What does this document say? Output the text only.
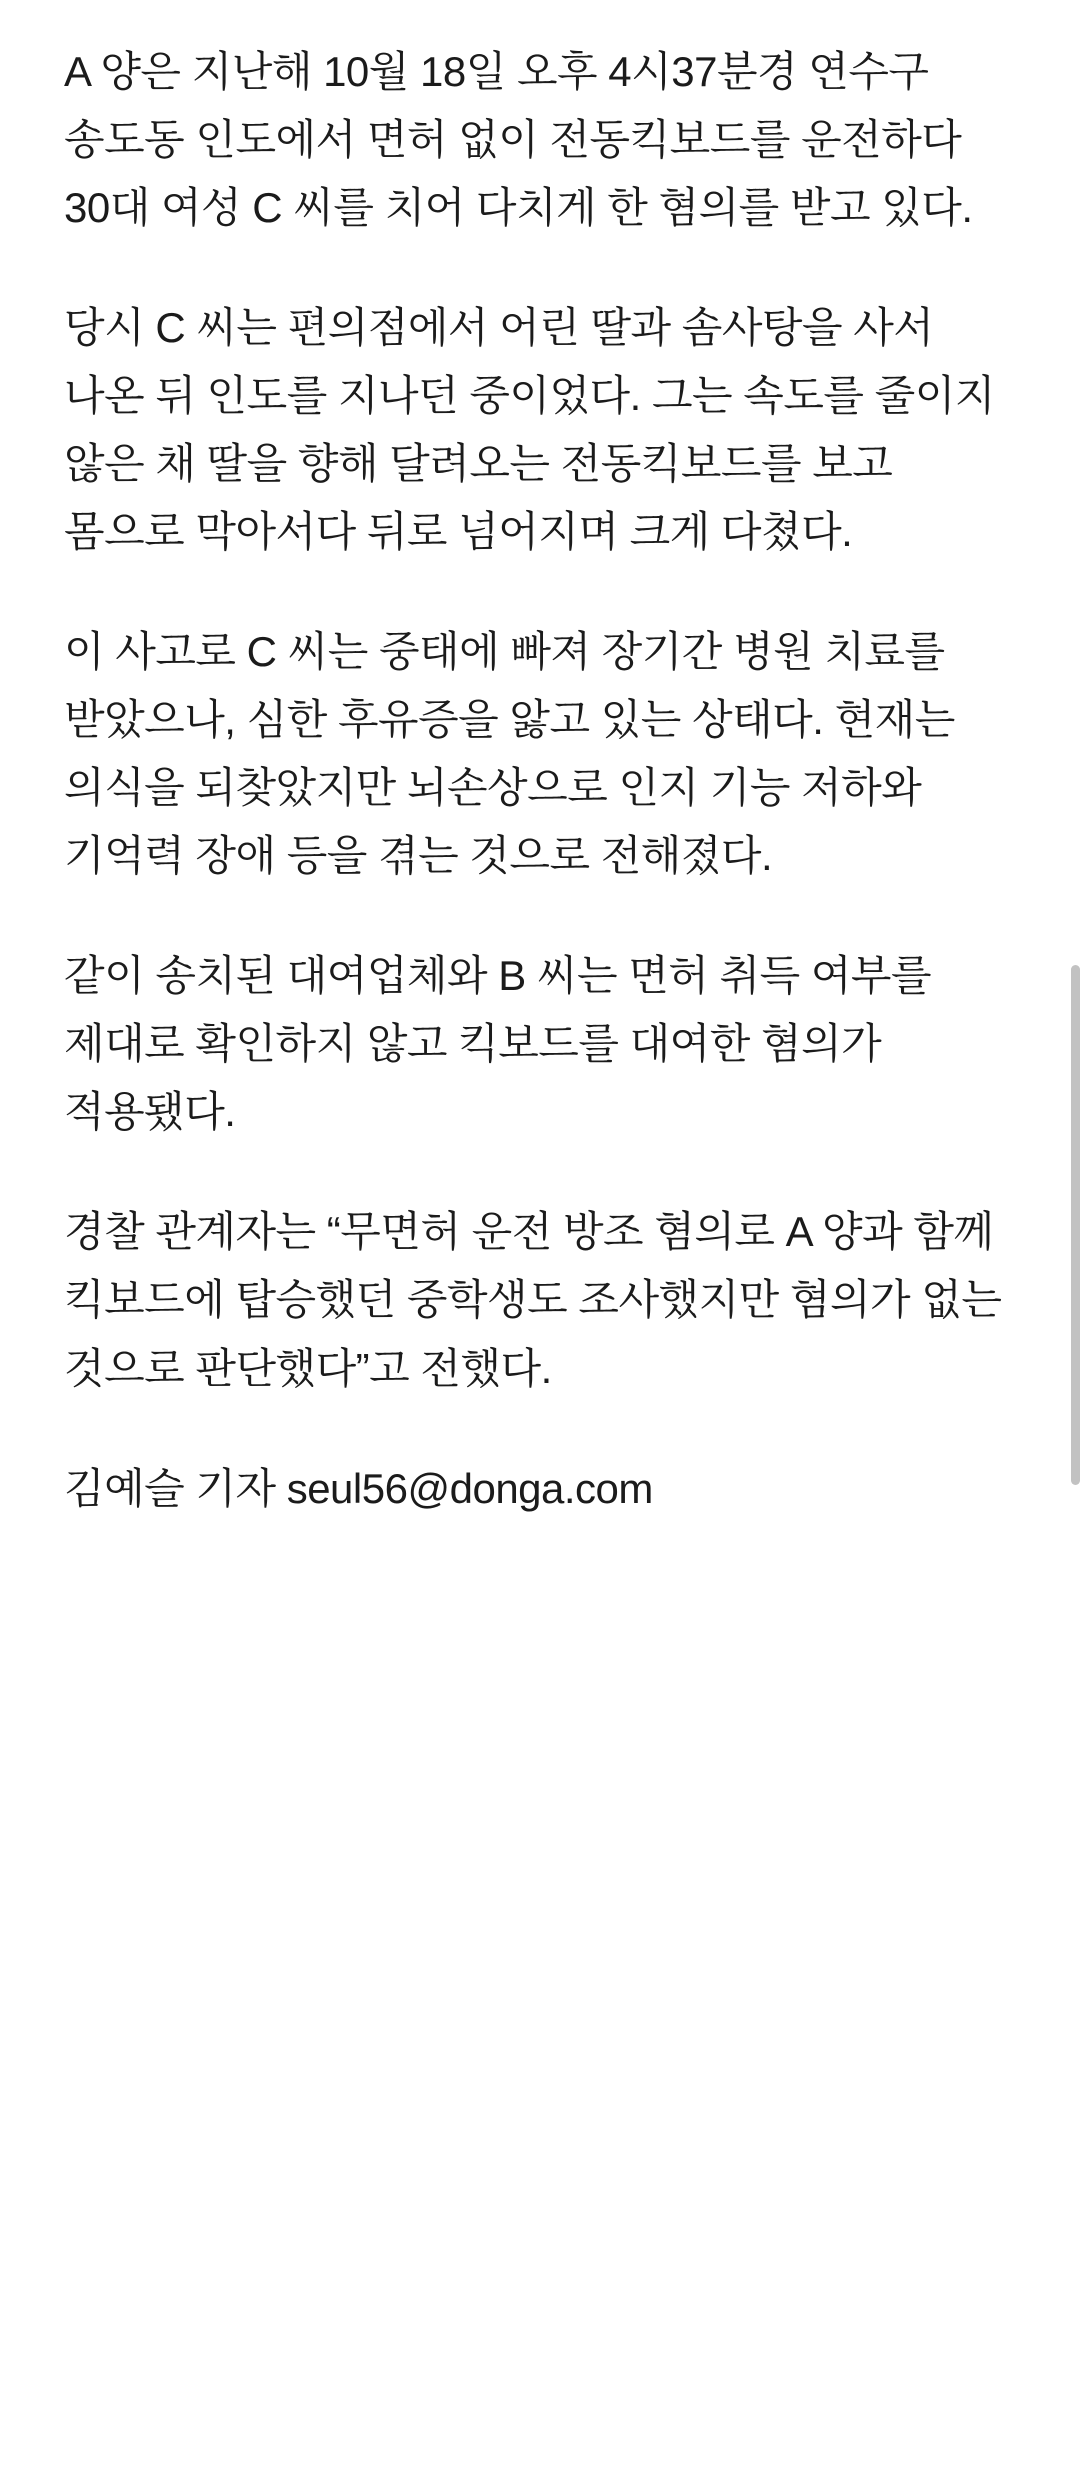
A 양은 지난해 10월 18일 오후 4시37분경 연수구 송도동 인도에서 면허 없이 전동킥보드를 운전하다 30대 여성 C 씨를 치어 다치게 한 혐의를 받고 있다.

당시 C 씨는 편의점에서 어린 딸과 솜사탕을 사서 나온 뒤 인도를 지나던 중이었다. 그는 속도를 줄이지 않은 채 딸을 향해 달려오는 전동킥보드를 보고 몸으로 막아서다 뒤로 넘어지며 크게 다쳤다.

이 사고로 C 씨는 중태에 빠져 장기간 병원 치료를 받았으나, 심한 후유증을 앓고 있는 상태다. 현재는 의식을 되찾았지만 뇌손상으로 인지 기능 저하와 기억력 장애 등을 겪는 것으로 전해졌다.

같이 송치된 대여업체와 B 씨는 면허 취득 여부를 제대로 확인하지 않고 킥보드를 대여한 혐의가 적용됐다.

경찰 관계자는 “무면허 운전 방조 혐의로 A 양과 함께 킥보드에 탑승했던 중학생도 조사했지만 혐의가 없는 것으로 판단했다”고 전했다.

김예슬 기자 seul56@donga.com
